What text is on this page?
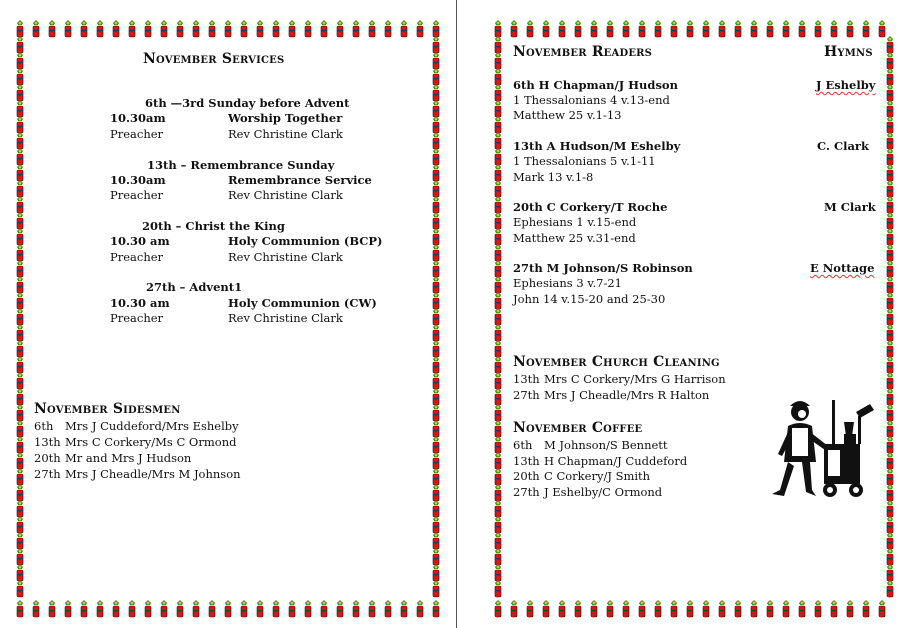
November Services
6th —3rd Sunday before Advent
10.30am	Worship Together
Preacher	Rev Christine Clark
13th – Remembrance Sunday
10.30am	Remembrance Service
Preacher	Rev Christine Clark
20th – Christ the King
10.30 am	Holy Communion (BCP)
Preacher	Rev Christine Clark
27th – Advent1
10.30 am	Holy Communion (CW)
Preacher	Rev Christine Clark
November Sidesmen
6th Mrs J Cuddeford/Mrs Eshelby
13th Mrs C Corkery/Ms C Ormond
20th Mr and Mrs J Hudson
27th Mrs J Cheadle/Mrs M Johnson
November Readers	Hymns
6th H Chapman/J Hudson	J Eshelby
1 Thessalonians 4 v.13-end
Matthew 25 v.1-13
13th A Hudson/M Eshelby	C. Clark
1 Thessalonians 5 v.1-11
Mark 13 v.1-8
20th C Corkery/T Roche	M Clark
Ephesians 1 v.15-end
Matthew 25 v.31-end
27th M Johnson/S Robinson	E Nottage
Ephesians 3 v.7-21
John 14 v.15-20 and 25-30
November Church Cleaning
13th Mrs C Corkery/Mrs G Harrison
27th Mrs J Cheadle/Mrs R Halton
November Coffee
6th M Johnson/S Bennett
13th H Chapman/J Cuddeford
20th C Corkery/J Smith
27th J Eshelby/C Ormond
